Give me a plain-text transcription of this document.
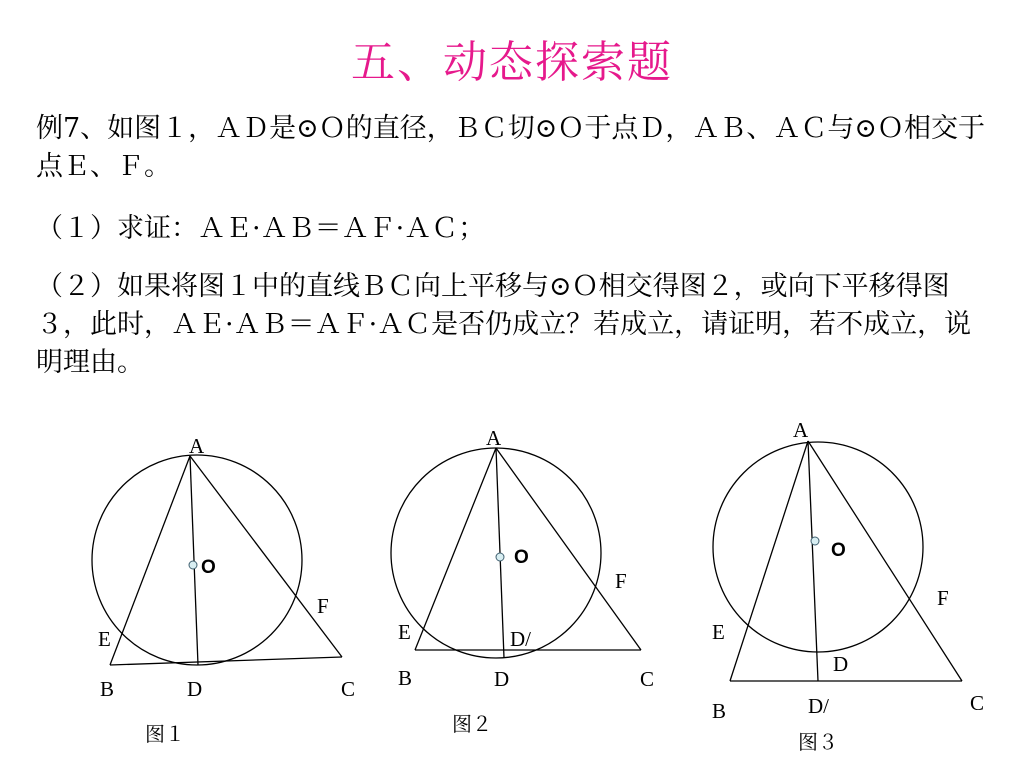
五、动态探索题
例7、如图１，ＡＤ是⊙Ｏ的直径，ＢＣ切⊙Ｏ于点Ｄ，ＡＢ、ＡＣ与⊙Ｏ相交于点Ｅ、Ｆ。
（１）求证：ＡＥ·ＡＢ＝ＡＦ·ＡＣ；
（２）如果将图１中的直线ＢＣ向上平移与⊙Ｏ相交得图２，或向下平移得图３，此时，ＡＥ·ＡＢ＝ＡＦ·ＡＣ是否仍成立？若成立，请证明，若不成立，说明理由。
A
O
E
F
B	D	C
A
O
E
F
D/
B	D	C
A
O
E
F
D
B	D/	C
图１	图２
图３
